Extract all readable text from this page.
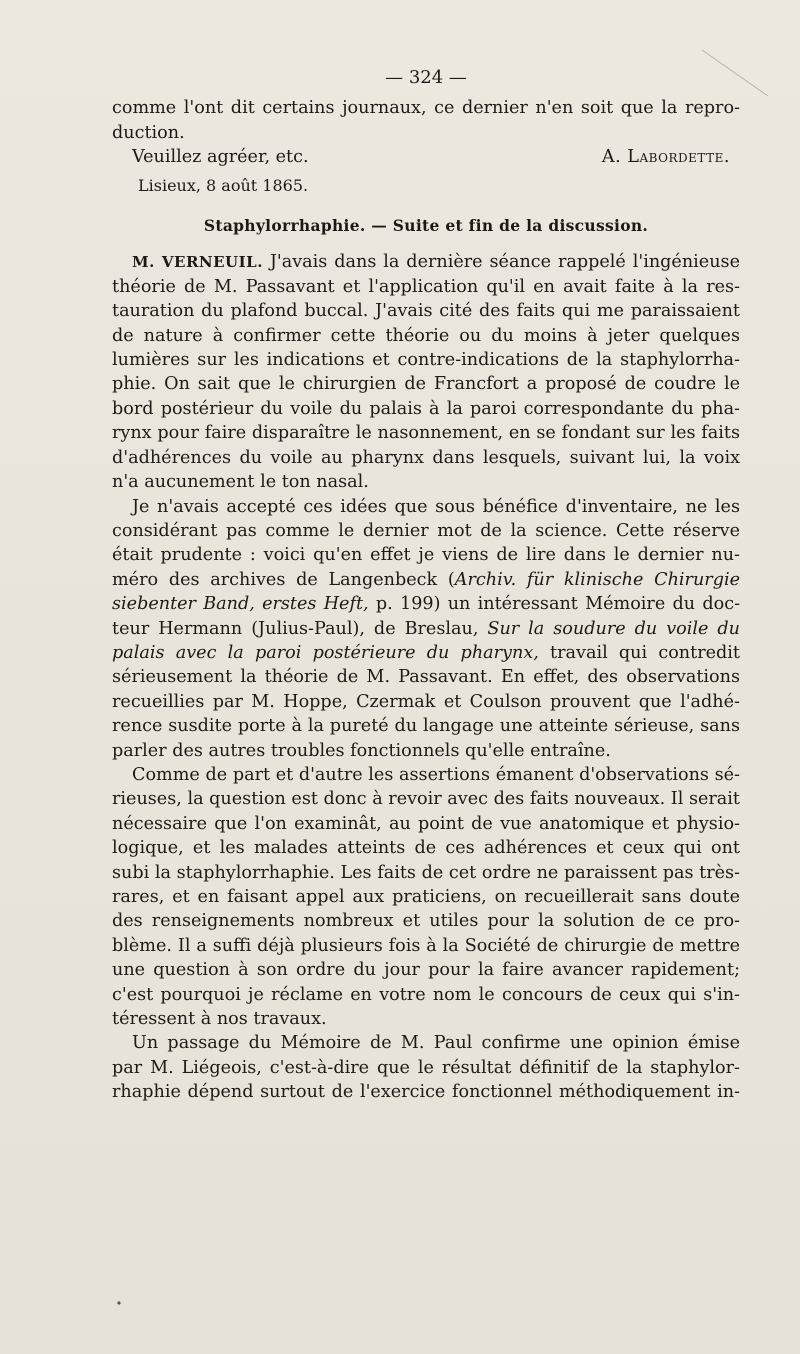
— 324 —
comme l'ont dit certains journaux, ce dernier n'en soit que la repro-
duction.
Veuillez agréer, etc.	A. Labordette.
Lisieux, 8 août 1865.
Staphylorrhaphie. — Suite et fin de la discussion.
M. VERNEUIL. J'avais dans la dernière séance rappelé l'ingénieuse
théorie de M. Passavant et l'application qu'il en avait faite à la res-
tauration du plafond buccal. J'avais cité des faits qui me paraissaient
de nature à confirmer cette théorie ou du moins à jeter quelques
lumières sur les indications et contre-indications de la staphylorrha-
phie. On sait que le chirurgien de Francfort a proposé de coudre le
bord postérieur du voile du palais à la paroi correspondante du pha-
rynx pour faire disparaître le nasonnement, en se fondant sur les faits
d'adhérences du voile au pharynx dans lesquels, suivant lui, la voix
n'a aucunement le ton nasal.
Je n'avais accepté ces idées que sous bénéfice d'inventaire, ne les
considérant pas comme le dernier mot de la science. Cette réserve
était prudente : voici qu'en effet je viens de lire dans le dernier nu-
méro des archives de Langenbeck (Archiv. für klinische Chirurgie
siebenter Band, erstes Heft, p. 199) un intéressant Mémoire du doc-
teur Hermann (Julius-Paul), de Breslau, Sur la soudure du voile du
palais avec la paroi postérieure du pharynx, travail qui contredit
sérieusement la théorie de M. Passavant. En effet, des observations
recueillies par M. Hoppe, Czermak et Coulson prouvent que l'adhé-
rence susdite porte à la pureté du langage une atteinte sérieuse, sans
parler des autres troubles fonctionnels qu'elle entraîne.
Comme de part et d'autre les assertions émanent d'observations sé-
rieuses, la question est donc à revoir avec des faits nouveaux. Il serait
nécessaire que l'on examinât, au point de vue anatomique et physio-
logique, et les malades atteints de ces adhérences et ceux qui ont
subi la staphylorrhaphie. Les faits de cet ordre ne paraissent pas très-
rares, et en faisant appel aux praticiens, on recueillerait sans doute
des renseignements nombreux et utiles pour la solution de ce pro-
blème. Il a suffi déjà plusieurs fois à la Société de chirurgie de mettre
une question à son ordre du jour pour la faire avancer rapidement;
c'est pourquoi je réclame en votre nom le concours de ceux qui s'in-
téressent à nos travaux.
Un passage du Mémoire de M. Paul confirme une opinion émise
par M. Liégeois, c'est-à-dire que le résultat définitif de la staphylor-
rhaphie dépend surtout de l'exercice fonctionnel méthodiquement in-
